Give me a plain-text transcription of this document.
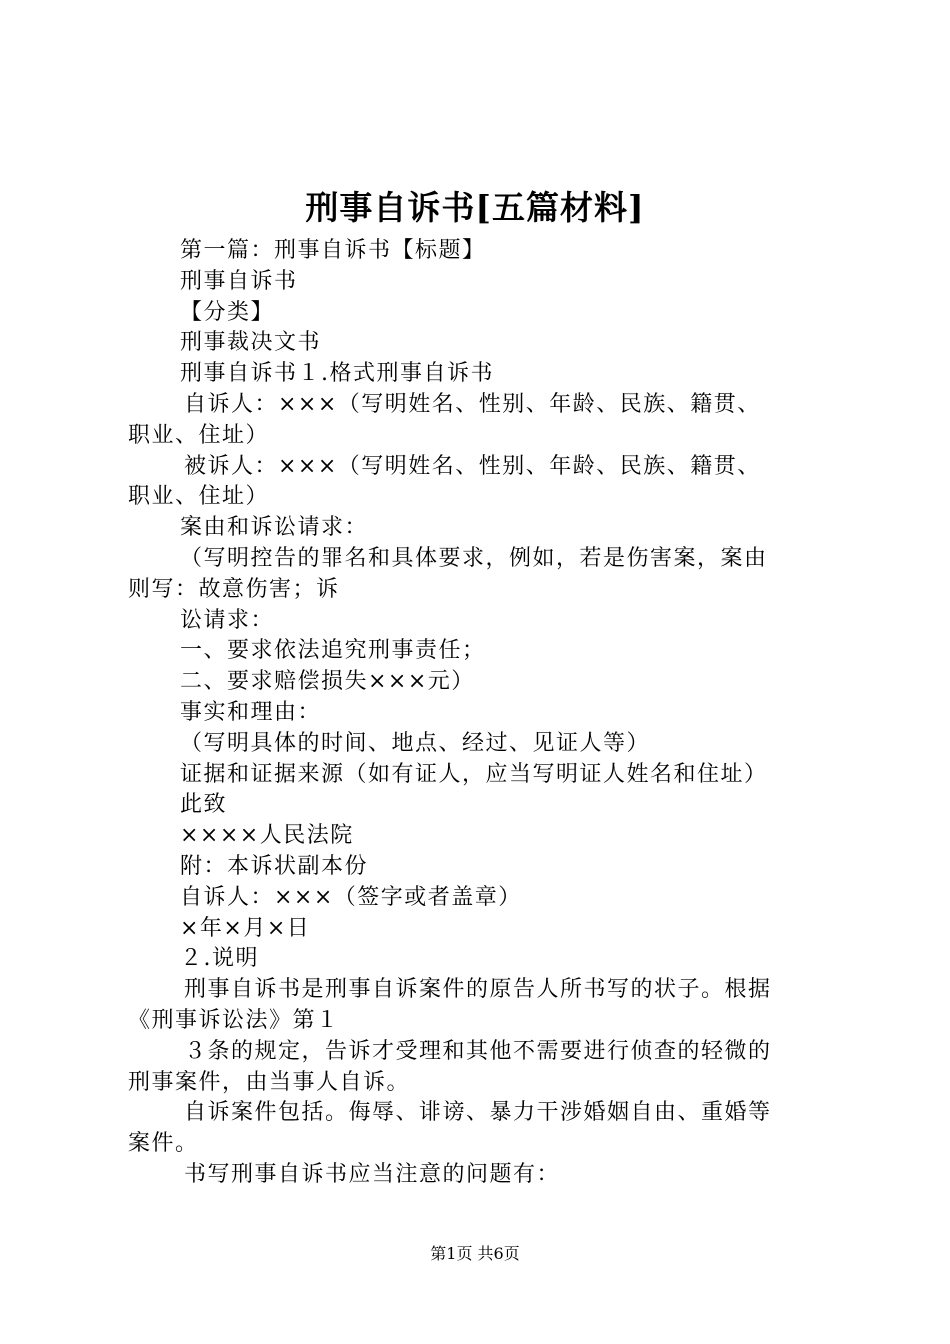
刑事自诉书[五篇材料]
第一篇：刑事自诉书【标题】
刑事自诉书
【分类】
刑事裁决文书
刑事自诉书１.格式刑事自诉书
自诉人：×××（写明姓名、性别、年龄、民族、籍贯、
职业、住址）
被诉人：×××（写明姓名、性别、年龄、民族、籍贯、
职业、住址）
案由和诉讼请求：
（写明控告的罪名和具体要求，例如，若是伤害案，案由
则写：故意伤害；诉
讼请求：
一、要求依法追究刑事责任；
二、要求赔偿损失×××元）
事实和理由：
（写明具体的时间、地点、经过、见证人等）
证据和证据来源（如有证人，应当写明证人姓名和住址）
此致
××××人民法院
附：本诉状副本份
自诉人：×××（签字或者盖章）
×年×月×日
２.说明
刑事自诉书是刑事自诉案件的原告人所书写的状子。根据
《刑事诉讼法》第１
３条的规定，告诉才受理和其他不需要进行侦查的轻微的
刑事案件，由当事人自诉。
自诉案件包括。侮辱、诽谤、暴力干涉婚姻自由、重婚等
案件。
书写刑事自诉书应当注意的问题有：
第1页 共6页
